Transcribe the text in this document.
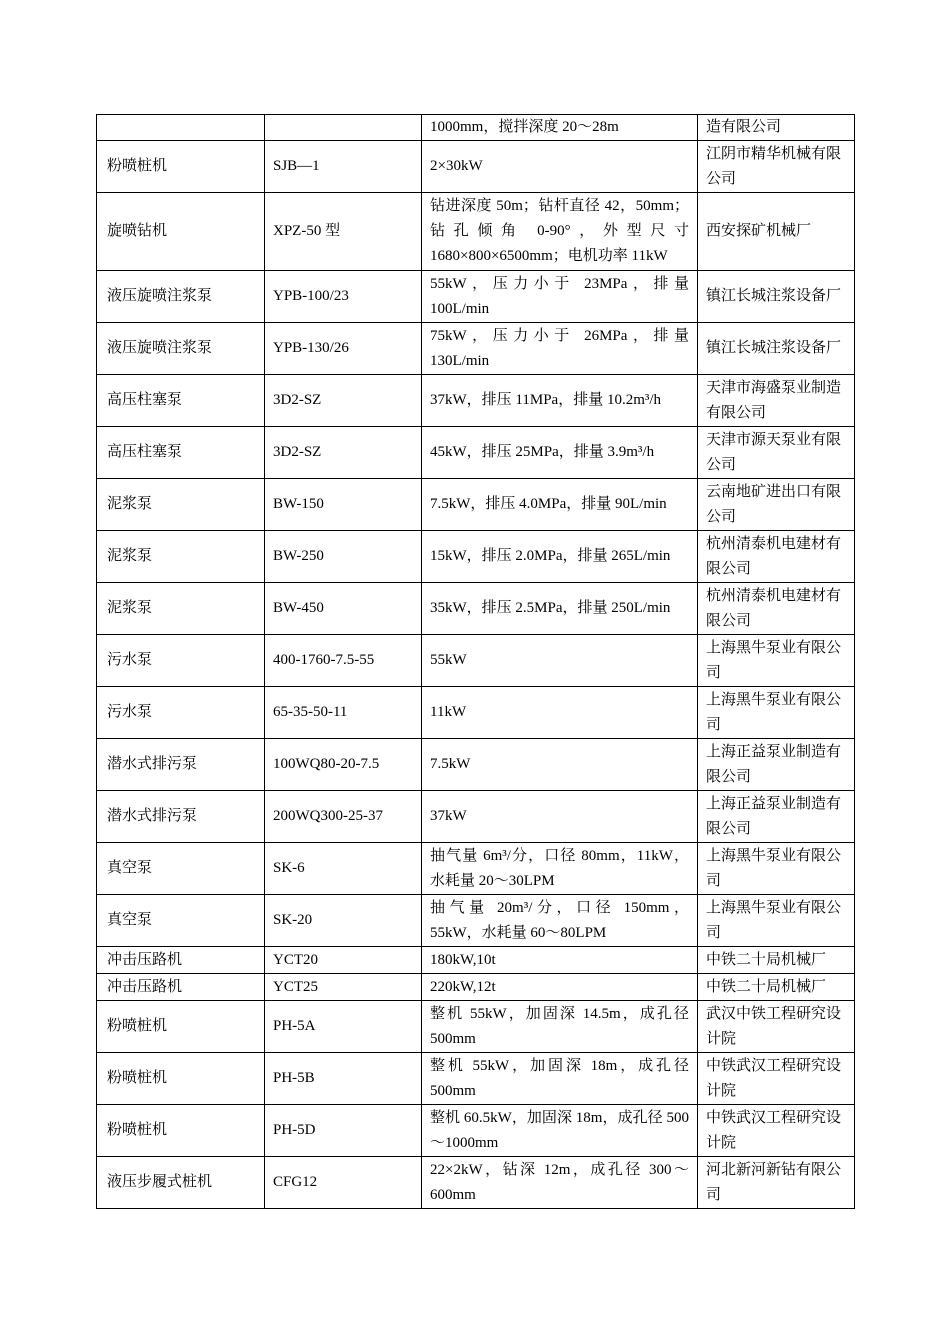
		1000mm，搅拌深度 20～28m	造有限公司
粉喷桩机	SJB—1	2×30kW	江阴市精华机械有限公司
旋喷钻机	XPZ-50 型	钻进深度 50m；钻杆直径 42，50mm；钻孔倾角 0-90°，外型尺寸 1680×800×6500mm；电机功率 11kW	西安探矿机械厂
液压旋喷注浆泵	YPB-100/23	55kW，压力小于 23MPa，排量 100L/min	镇江长城注浆设备厂
液压旋喷注浆泵	YPB-130/26	75kW，压力小于 26MPa，排量 130L/min	镇江长城注浆设备厂
高压柱塞泵	3D2-SZ	37kW，排压 11MPa，排量 10.2m³/h	天津市海盛泵业制造有限公司
高压柱塞泵	3D2-SZ	45kW，排压 25MPa，排量 3.9m³/h	天津市源天泵业有限公司
泥浆泵	BW-150	7.5kW，排压 4.0MPa，排量 90L/min	云南地矿进出口有限公司
泥浆泵	BW-250	15kW，排压 2.0MPa，排量 265L/min	杭州清泰机电建材有限公司
泥浆泵	BW-450	35kW，排压 2.5MPa，排量 250L/min	杭州清泰机电建材有限公司
污水泵	400-1760-7.5-55	55kW	上海黑牛泵业有限公司
污水泵	65-35-50-11	11kW	上海黑牛泵业有限公司
潜水式排污泵	100WQ80-20-7.5	7.5kW	上海正益泵业制造有限公司
潜水式排污泵	200WQ300-25-37	37kW	上海正益泵业制造有限公司
真空泵	SK-6	抽气量 6m³/分，口径 80mm，11kW，水耗量 20～30LPM	上海黑牛泵业有限公司
真空泵	SK-20	抽气量 20m³/分，口径 150mm，55kW，水耗量 60～80LPM	上海黑牛泵业有限公司
冲击压路机	YCT20	180kW,10t	中铁二十局机械厂
冲击压路机	YCT25	220kW,12t	中铁二十局机械厂
粉喷桩机	PH-5A	整机 55kW，加固深 14.5m，成孔径 500mm	武汉中铁工程研究设计院
粉喷桩机	PH-5B	整机 55kW，加固深 18m，成孔径 500mm	中铁武汉工程研究设计院
粉喷桩机	PH-5D	整机 60.5kW，加固深 18m，成孔径 500～1000mm	中铁武汉工程研究设计院
液压步履式桩机	CFG12	22×2kW，钻深 12m，成孔径 300～600mm	河北新河新钻有限公司
